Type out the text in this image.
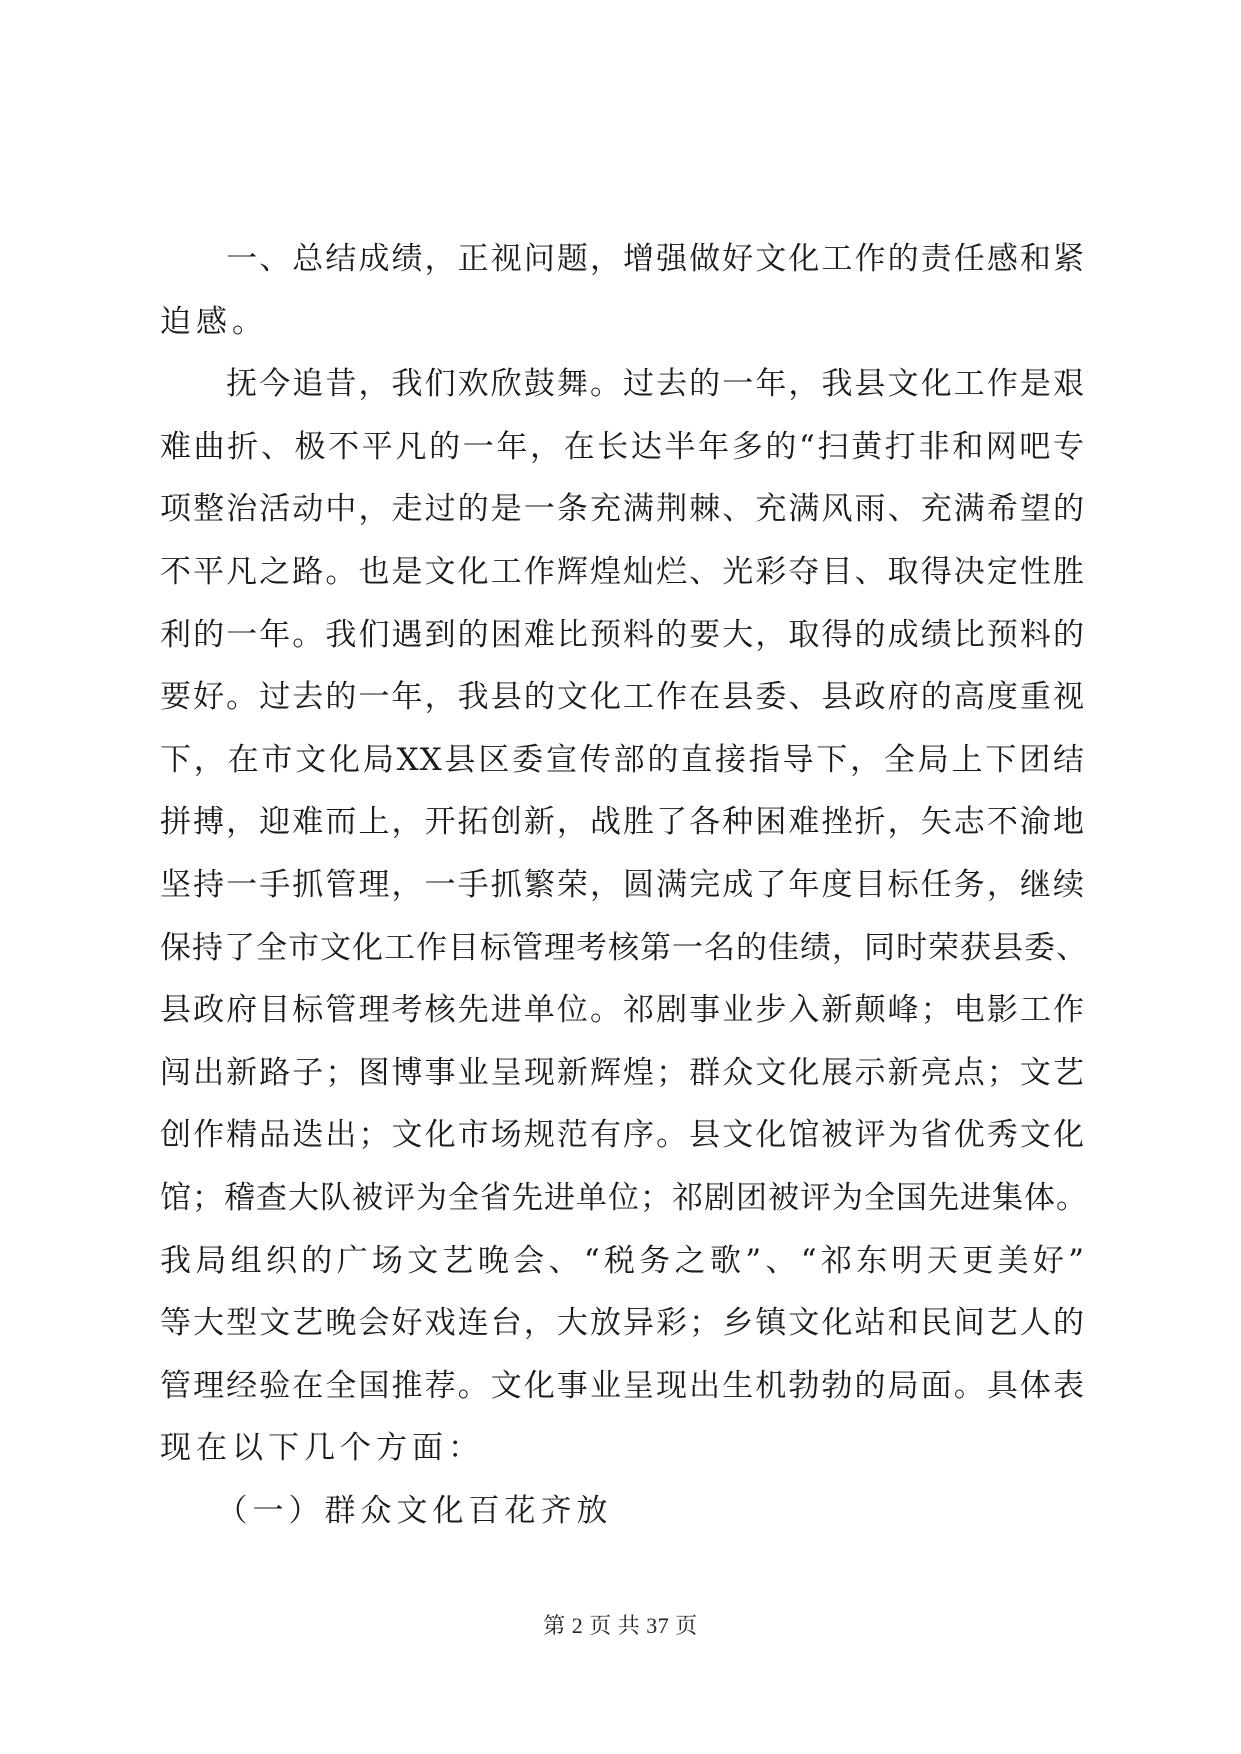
　　一、总结成绩，正视问题，增强做好文化工作的责任感和紧
迫感。
　　抚今追昔，我们欢欣鼓舞。过去的一年，我县文化工作是艰
难曲折、极不平凡的一年，在长达半年多的“扫黄打非和网吧专
项整治活动中，走过的是一条充满荆棘、充满风雨、充满希望的
不平凡之路。也是文化工作辉煌灿烂、光彩夺目、取得决定性胜
利的一年。我们遇到的困难比预料的要大，取得的成绩比预料的
要好。过去的一年，我县的文化工作在县委、县政府的高度重视
下，在市文化局XX县区委宣传部的直接指导下，全局上下团结
拼搏，迎难而上，开拓创新，战胜了各种困难挫折，矢志不渝地
坚持一手抓管理，一手抓繁荣，圆满完成了年度目标任务，继续
保持了全市文化工作目标管理考核第一名的佳绩，同时荣获县委、
县政府目标管理考核先进单位。祁剧事业步入新颠峰；电影工作
闯出新路子；图博事业呈现新辉煌；群众文化展示新亮点；文艺
创作精品迭出；文化市场规范有序。县文化馆被评为省优秀文化
馆；稽查大队被评为全省先进单位；祁剧团被评为全国先进集体。
我局组织的广场文艺晚会、“税务之歌”、“祁东明天更美好”
等大型文艺晚会好戏连台，大放异彩；乡镇文化站和民间艺人的
管理经验在全国推荐。文化事业呈现出生机勃勃的局面。具体表
现在以下几个方面：
　　（一）群众文化百花齐放
第 2 页 共 37 页
